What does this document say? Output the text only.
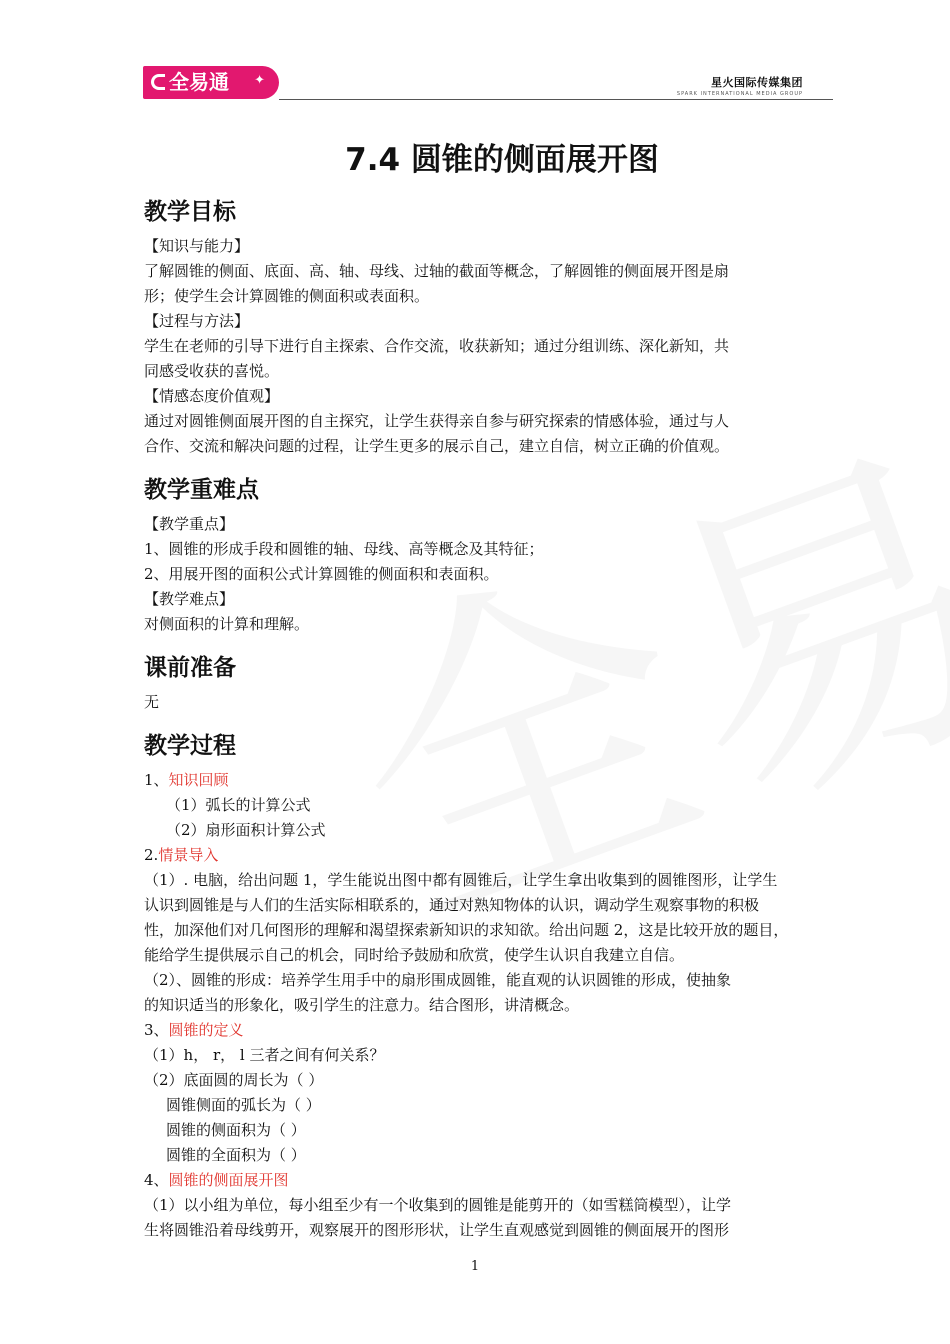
全易通 ✦	星火国际传媒集团
SPARK INTERNATIONAL MEDIA GROUP
7.4 圆锥的侧面展开图
教学目标

【知识与能力】

了解圆锥的侧面、底面、高、轴、母线、过轴的截面等概念，了解圆锥的侧面展开图是扇

形；使学生会计算圆锥的侧面积或表面积。

【过程与方法】

学生在老师的引导下进行自主探索、合作交流，收获新知；通过分组训练、深化新知，共

同感受收获的喜悦。

【情感态度价值观】

通过对圆锥侧面展开图的自主探究，让学生获得亲自参与研究探索的情感体验，通过与人

合作、交流和解决问题的过程，让学生更多的展示自己，建立自信，树立正确的价值观。

教学重难点

【教学重点】

1、圆锥的形成手段和圆锥的轴、母线、高等概念及其特征；

2、用展开图的面积公式计算圆锥的侧面积和表面积。

【教学难点】

对侧面积的计算和理解。

课前准备

无

教学过程

1、知识回顾

（1）弧长的计算公式

（2）扇形面积计算公式

2.情景导入

（1）. 电脑，给出问题 1，学生能说出图中都有圆锥后，让学生拿出收集到的圆锥图形，让学生

认识到圆锥是与人们的生活实际相联系的，通过对熟知物体的认识，调动学生观察事物的积极

性，加深他们对几何图形的理解和渴望探索新知识的求知欲。给出问题 2，这是比较开放的题目，

能给学生提供展示自己的机会，同时给予鼓励和欣赏，使学生认识自我建立自信。

（2）、圆锥的形成：培养学生用手中的扇形围成圆锥，能直观的认识圆锥的形成，使抽象

的知识适当的形象化，吸引学生的注意力。结合图形，讲清概念。

3、圆锥的定义

（1）h， r， l 三者之间有何关系？

（2）底面圆的周长为（ ）

圆锥侧面的弧长为（ ）

圆锥的侧面积为（ ）

圆锥的全面积为（ ）

4、圆锥的侧面展开图

（1）以小组为单位，每小组至少有一个收集到的圆锥是能剪开的（如雪糕筒模型），让学

生将圆锥沿着母线剪开，观察展开的图形形状，让学生直观感觉到圆锥的侧面展开的图形

1
